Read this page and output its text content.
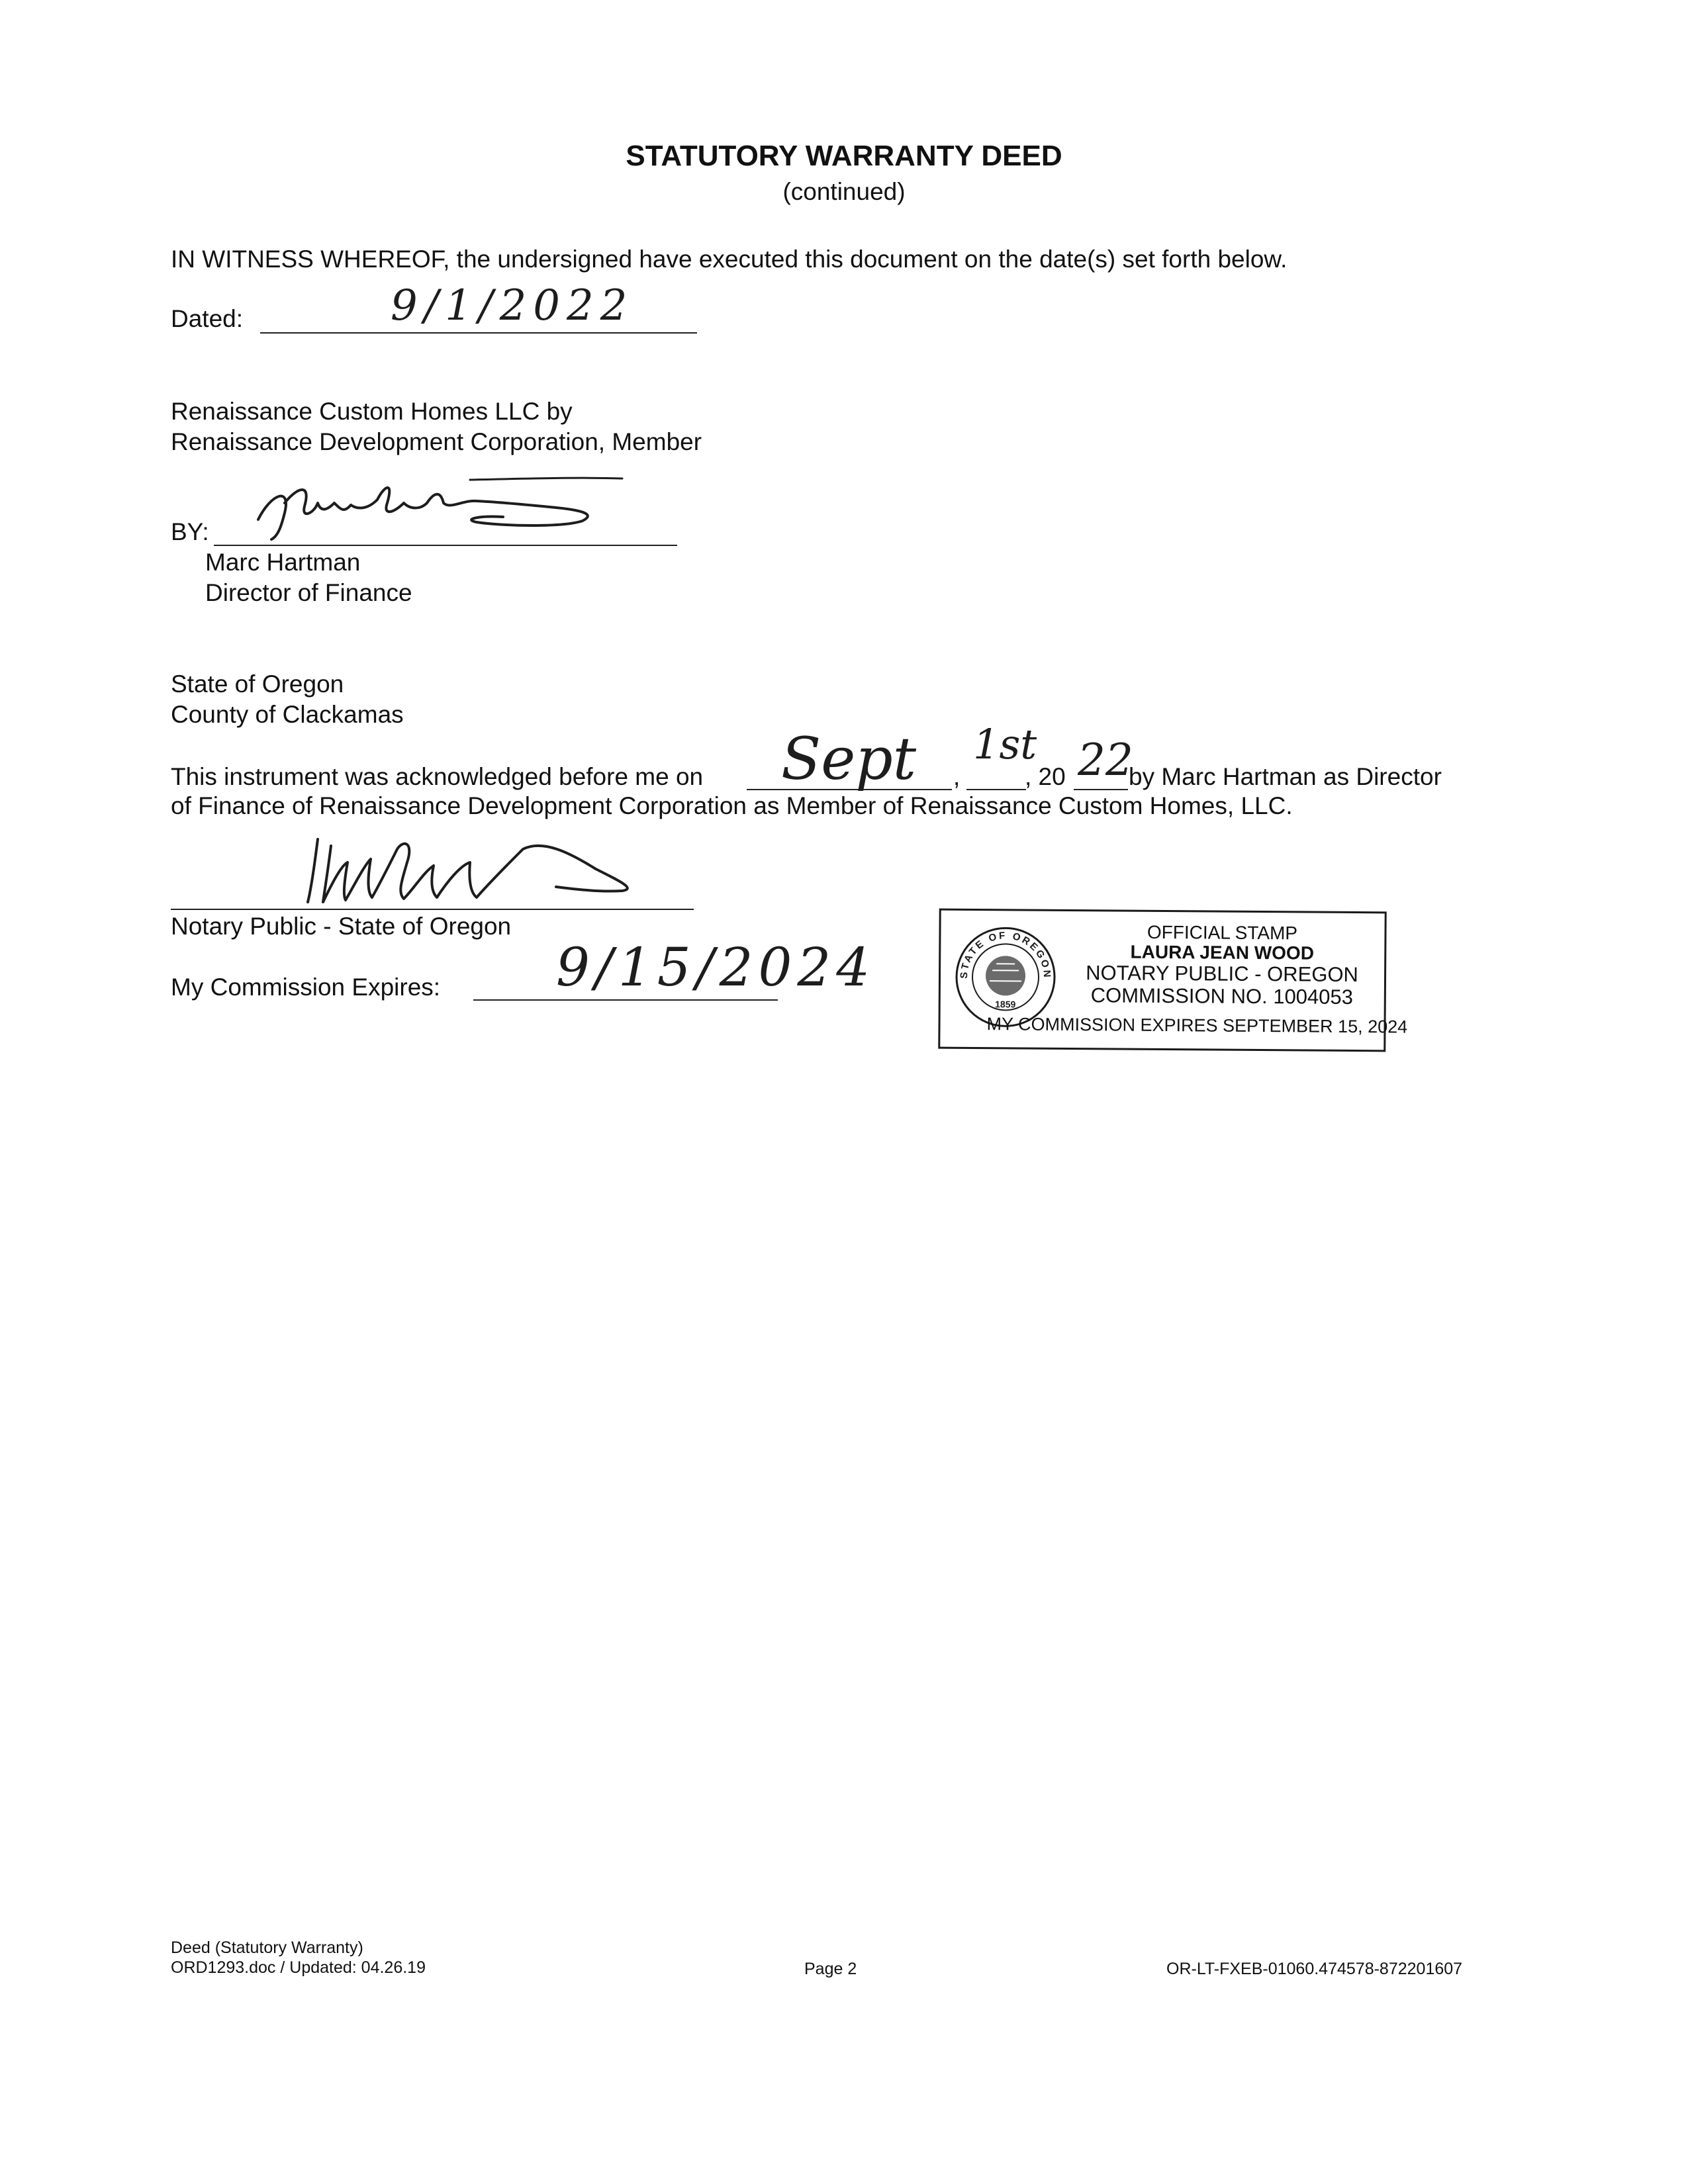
STATUTORY WARRANTY DEED
(continued)
IN WITNESS WHEREOF, the undersigned have executed this document on the date(s) set forth below.
Dated:	9/1/2022
Renaissance Custom Homes LLC by
Renaissance Development Corporation, Member
BY:
Marc Hartman
Director of Finance
State of Oregon
County of Clackamas
This instrument was acknowledged before me on Sept ,
1st
, 20 22
by Marc Hartman as Director
of Finance of Renaissance Development Corporation as Member of Renaissance Custom Homes, LLC.
Notary Public - State of Oregon
My Commission Expires: 9/15/2024	STATE OF OREGON
1859
OFFICIAL STAMP
LAURA JEAN WOOD
NOTARY PUBLIC - OREGON
COMMISSION NO. 1004053
MY COMMISSION EXPIRES SEPTEMBER 15, 2024
Deed (Statutory Warranty)
ORD1293.doc / Updated: 04.26.19	Page 2	OR-LT-FXEB-01060.474578-872201607
